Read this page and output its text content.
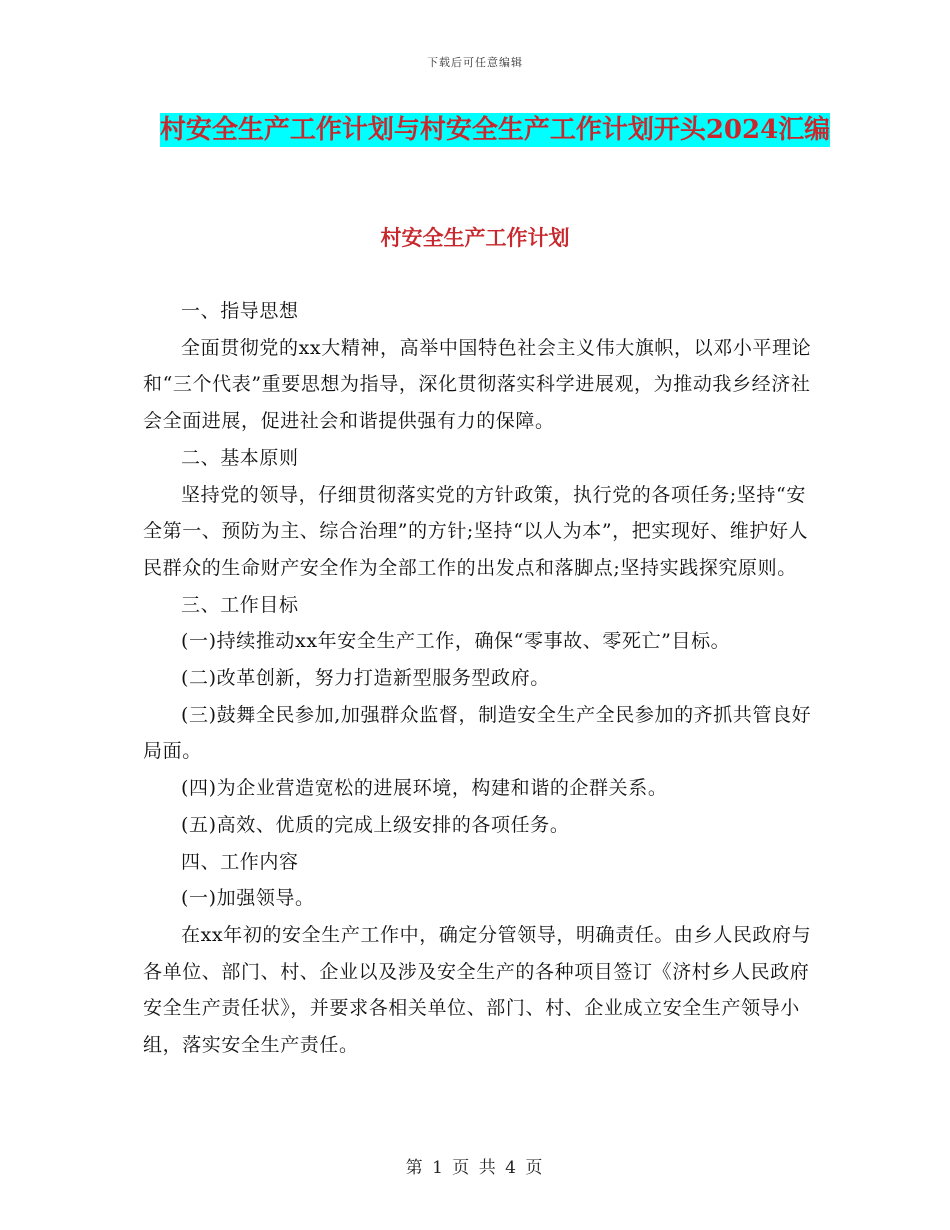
下载后可任意编辑
村安全生产工作计划与村安全生产工作计划开头2024汇编
村安全生产工作计划

一、指导思想

全面贯彻党的xx大精神，高举中国特色社会主义伟大旗帜，以邓小平理论和“三个代表”重要思想为指导，深化贯彻落实科学进展观，为推动我乡经济社会全面进展，促进社会和谐提供强有力的保障。

二、基本原则

坚持党的领导，仔细贯彻落实党的方针政策，执行党的各项任务;坚持“安全第一、预防为主、综合治理”的方针;坚持“以人为本”，把实现好、维护好人民群众的生命财产安全作为全部工作的出发点和落脚点;坚持实践探究原则。

三、工作目标

(一)持续推动xx年安全生产工作，确保“零事故、零死亡”目标。

(二)改革创新，努力打造新型服务型政府。

(三)鼓舞全民参加,加强群众监督，制造安全生产全民参加的齐抓共管良好局面。

(四)为企业营造宽松的进展环境，构建和谐的企群关系。

(五)高效、优质的完成上级安排的各项任务。

四、工作内容

(一)加强领导。

在xx年初的安全生产工作中，确定分管领导，明确责任。由乡人民政府与各单位、部门、村、企业以及涉及安全生产的各种项目签订《济村乡人民政府安全生产责任状》，并要求各相关单位、部门、村、企业成立安全生产领导小组，落实安全生产责任。

第 1 页 共 4 页
